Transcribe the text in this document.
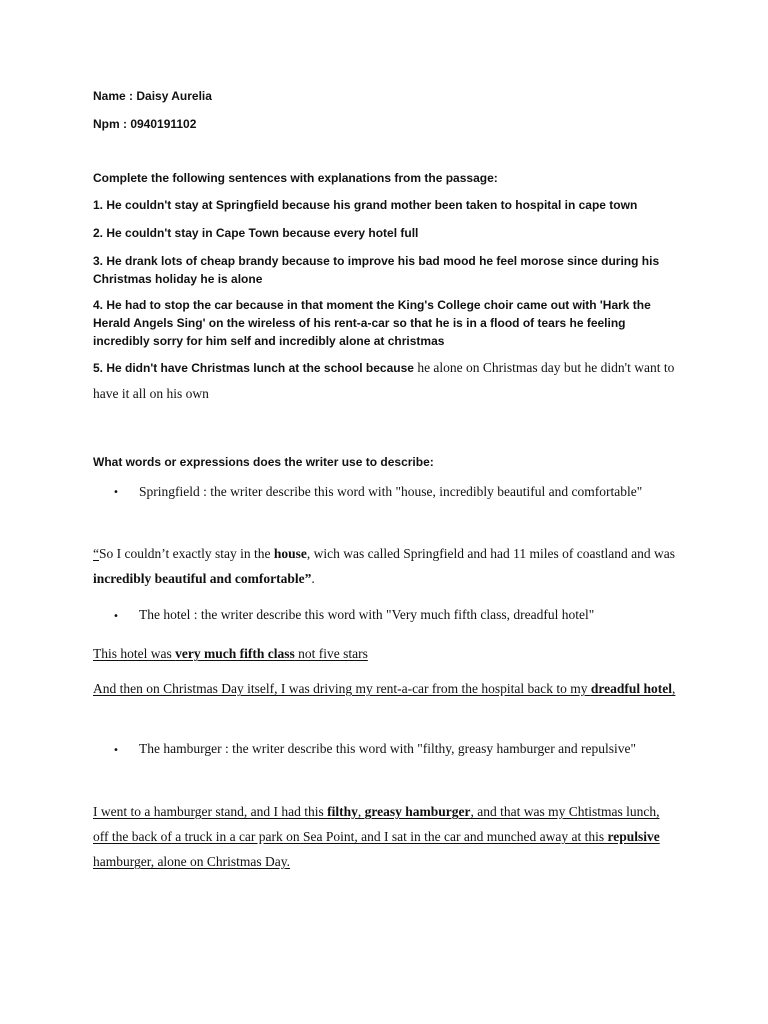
Name : Daisy Aurelia

Npm : 0940191102

Complete the following sentences with explanations from the passage:

1. He couldn't stay at Springfield because his grand mother been taken to hospital in cape town

2. He couldn't stay in Cape Town because every hotel full

3. He drank lots of cheap brandy because to improve his bad mood he feel morose since during his Christmas holiday he is alone

4. He had to stop the car because in that moment the King's College choir came out with 'Hark the Herald Angels Sing' on the wireless of his rent-a-car so that he is in a flood of tears he feeling incredibly sorry for him self and incredibly alone at christmas

5. He didn't have Christmas lunch at the school because he alone on Christmas day but he didn't want to have it all on his own

What words or expressions does the writer use to describe:

• Springfield : the writer describe this word with "house, incredibly beautiful and comfortable"

“So I couldn’t exactly stay in the house, wich was called Springfield and had 11 miles of coastland and was incredibly beautiful and comfortable”.

• The hotel : the writer describe this word with "Very much fifth class, dreadful hotel"

This hotel was very much fifth class not five stars

And then on Christmas Day itself, I was driving my rent-a-car from the hospital back to my dreadful hotel,

• The hamburger : the writer describe this word with "filthy, greasy hamburger and repulsive"

I went to a hamburger stand, and I had this filthy, greasy hamburger, and that was my Chtistmas lunch, off the back of a truck in a car park on Sea Point, and I sat in the car and munched away at this repulsive hamburger, alone on Christmas Day.
